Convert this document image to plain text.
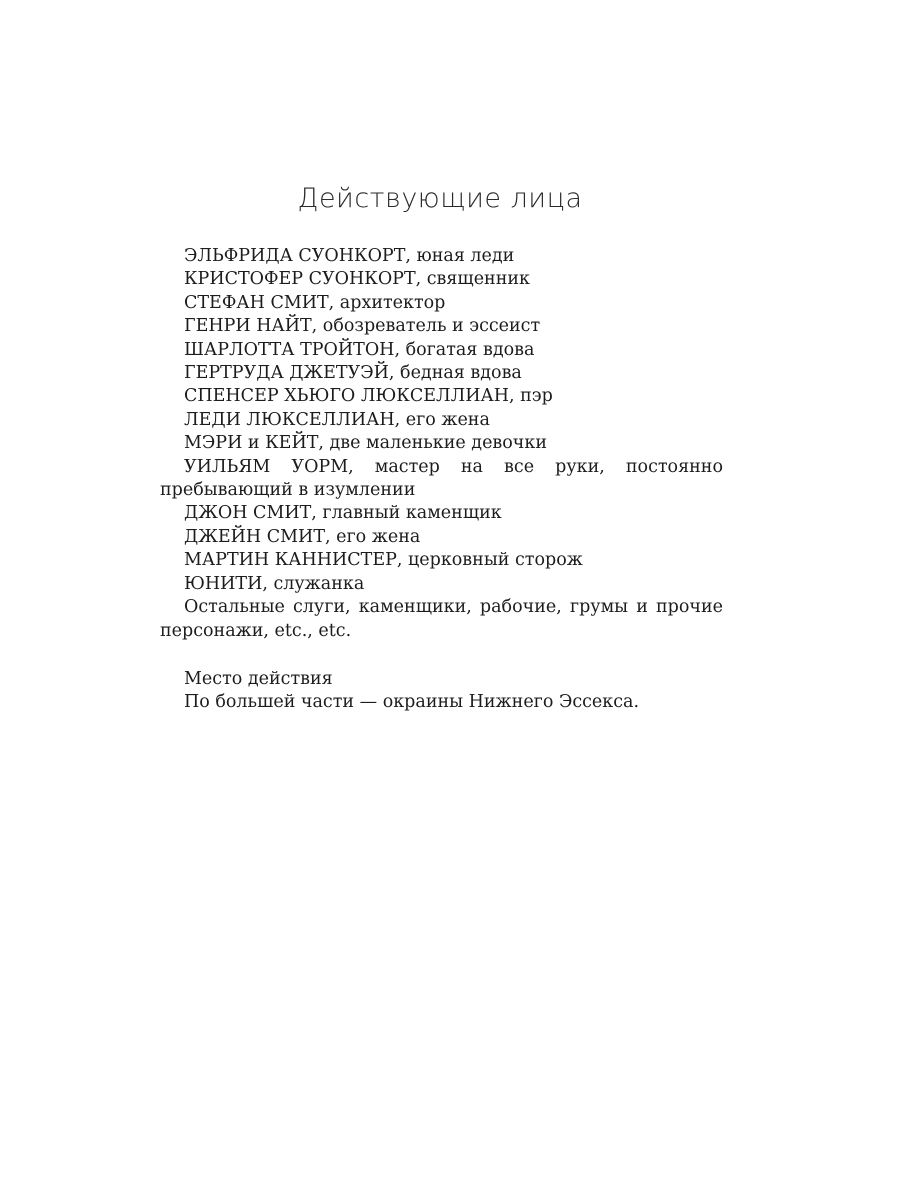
Действующие лица

ЭЛЬФРИДА СУОНКОРТ, юная леди

КРИСТОФЕР СУОНКОРТ, священник

СТЕФАН СМИТ, архитектор

ГЕНРИ НАЙТ, обозреватель и эссеист

ШАРЛОТТА ТРОЙТОН, богатая вдова

ГЕРТРУДА ДЖЕТУЭЙ, бедная вдова

СПЕНСЕР ХЬЮГО ЛЮКСЕЛЛИАН, пэр

ЛЕДИ ЛЮКСЕЛЛИАН, его жена

МЭРИ и КЕЙТ, две маленькие девочки

УИЛЬЯМ УОРМ, мастер на все руки, постоянно пребывающий в изумлении

ДЖОН СМИТ, главный каменщик

ДЖЕЙН СМИТ, его жена

МАРТИН КАННИСТЕР, церковный сторож

ЮНИТИ, служанка

Остальные слуги, каменщики, рабочие, грумы и прочие персонажи, etc., etc.

Место действия

По большей части — окраины Нижнего Эссекса.
